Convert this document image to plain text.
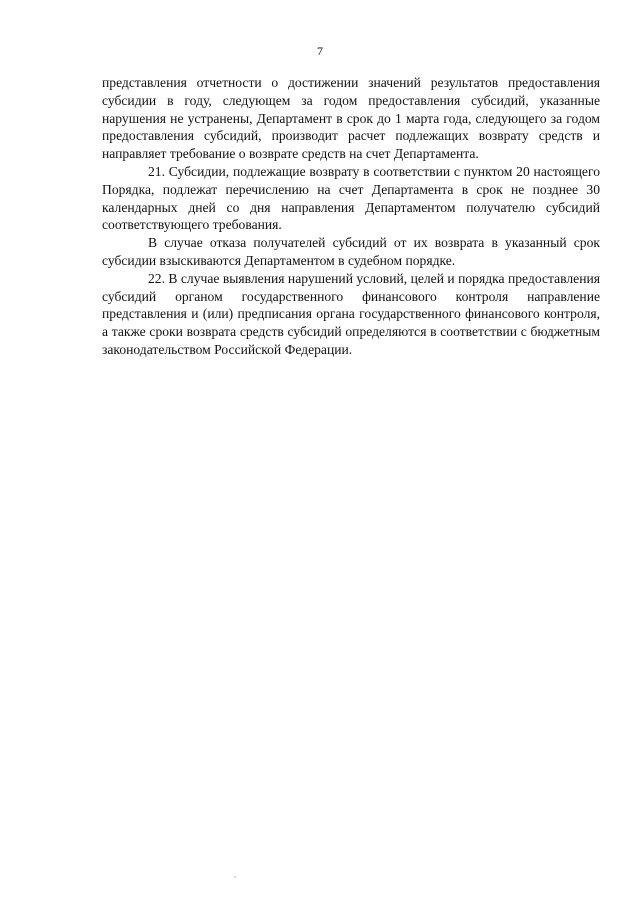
7

представления отчетности о достижении значений результатов предоставления субсидии в году, следующем за годом предоставления субсидий, указанные нарушения не устранены, Департамент в срок до 1 марта года, следующего за годом предоставления субсидий, производит расчет подлежащих возврату средств и направляет требование о возврате средств на счет Департамента.

21. Субсидии, подлежащие возврату в соответствии с пунктом 20 настоящего Порядка, подлежат перечислению на счет Департамента в срок не позднее 30 календарных дней со дня направления Департаментом получателю субсидий соответствующего требования.

В случае отказа получателей субсидий от их возврата в указанный срок субсидии взыскиваются Департаментом в судебном порядке.

22. В случае выявления нарушений условий, целей и порядка предоставления субсидий органом государственного финансового контроля направление представления и (или) предписания органа государственного финансового контроля, а также сроки возврата средств субсидий определяются в соответствии с бюджетным законодательством Российской Федерации.
